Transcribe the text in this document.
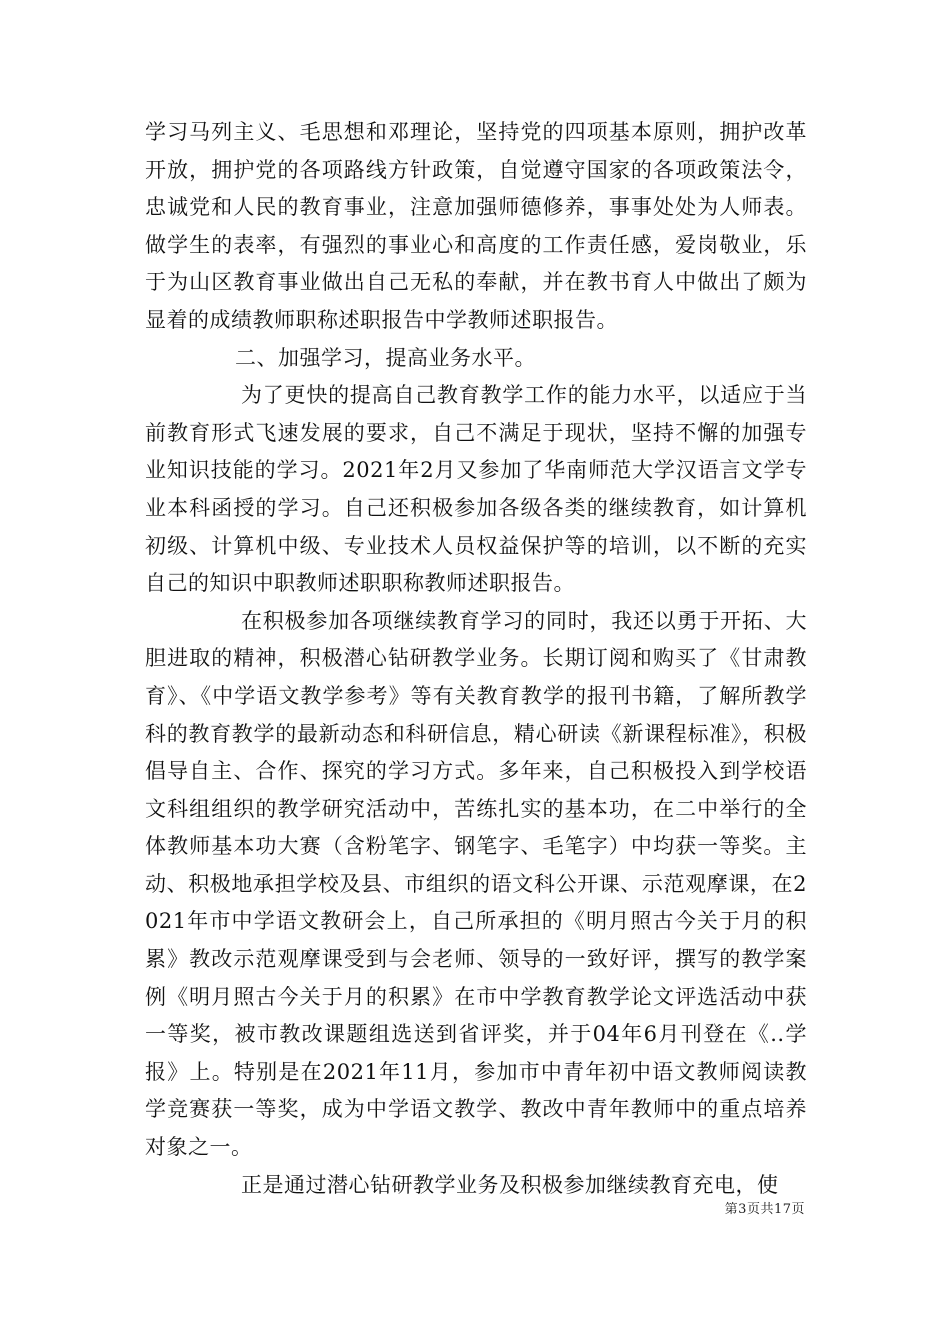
学习马列主义、毛思想和邓理论，坚持党的四项基本原则，拥护改革开放，拥护党的各项路线方针政策，自觉遵守国家的各项政策法令，忠诚党和人民的教育事业，注意加强师德修养，事事处处为人师表。做学生的表率，有强烈的事业心和高度的工作责任感，爱岗敬业，乐于为山区教育事业做出自己无私的奉献，并在教书育人中做出了颇为显着的成绩教师职称述职报告中学教师述职报告。

二、加强学习，提高业务水平。

为了更快的提高自己教育教学工作的能力水平，以适应于当前教育形式飞速发展的要求，自己不满足于现状，坚持不懈的加强专业知识技能的学习。2021年2月又参加了华南师范大学汉语言文学专业本科函授的学习。自己还积极参加各级各类的继续教育，如计算机初级、计算机中级、专业技术人员权益保护等的培训，以不断的充实自己的知识中职教师述职职称教师述职报告。

在积极参加各项继续教育学习的同时，我还以勇于开拓、大胆进取的精神，积极潜心钻研教学业务。长期订阅和购买了《甘肃教育》、《中学语文教学参考》等有关教育教学的报刊书籍，了解所教学科的教育教学的最新动态和科研信息，精心研读《新课程标准》，积极倡导自主、合作、探究的学习方式。多年来，自己积极投入到学校语文科组组织的教学研究活动中，苦练扎实的基本功，在二中举行的全体教师基本功大赛（含粉笔字、钢笔字、毛笔字）中均获一等奖。主动、积极地承担学校及县、市组织的语文科公开课、示范观摩课，在2021年市中学语文教研会上，自己所承担的《明月照古今关于月的积累》教改示范观摩课受到与会老师、领导的一致好评，撰写的教学案例《明月照古今关于月的积累》在市中学教育教学论文评选活动中获一等奖，被市教改课题组选送到省评奖，并于04年6月刊登在《..学报》上。特别是在2021年11月，参加市中青年初中语文教师阅读教学竞赛获一等奖，成为中学语文教学、教改中青年教师中的重点培养对象之一。

正是通过潜心钻研教学业务及积极参加继续教育充电，使

第3页共17页
